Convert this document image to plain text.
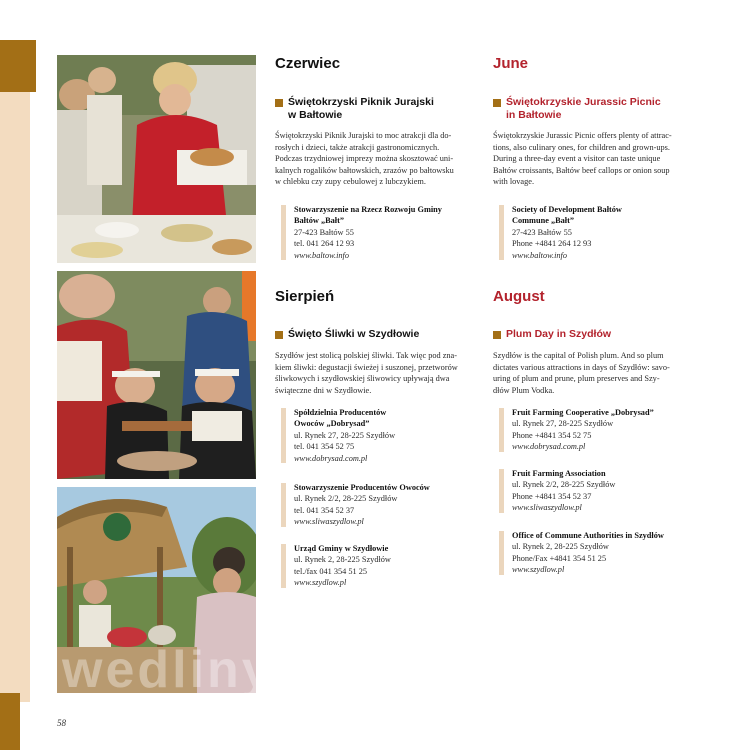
Czerwiec
Świętokrzyski Piknik Jurajski
w Bałtowie
Świętokrzyski Piknik Jurajski to moc atrakcji dla do-
rosłych i dzieci, także atrakcji gastronomicznych.
Podczas trzydniowej imprezy można skosztować uni-
kalnych rogalików bałtowskich, zrazów po bałtowsku
w chlebku czy zupy cebulowej z lubczykiem.
Stowarzyszenie na Rzecz Rozwoju Gminy
Bałtów „Bałt”
27-423 Bałtów 55
tel. 041 264 12 93
www.baltow.info
June
Świętokrzyskie Jurassic Picnic
in Bałtowie
Świętokrzyskie Jurassic Picnic offers plenty of attrac-
tions, also culinary ones, for children and grown-ups.
During a three-day event a visitor can taste unique
Bałtów croissants, Bałtów beef callops or onion soup
with lovage.
Society of Development Bałtów
Commune „Bałt”
27-423 Bałtów 55
Phone +4841 264 12 93
www.baltow.info
Sierpień
Święto Śliwki w Szydłowie
Szydłów jest stolicą polskiej śliwki. Tak więc pod zna-
kiem śliwki: degustacji świeżej i suszonej, przetworów
śliwkowych i szydłowskiej śliwowicy upływają dwa
świąteczne dni w Szydłowie.
Spółdzielnia Producentów
Owoców „Dobrysad”
ul. Rynek 27, 28-225 Szydłów
tel. 041 354 52 75
www.dobrysad.com.pl
Stowarzyszenie Producentów Owoców
ul. Rynek 2/2, 28-225 Szydłów
tel. 041 354 52 37
www.sliwaszydlow.pl
Urząd Gminy w Szydłowie
ul. Rynek 2, 28-225 Szydłów
tel./fax 041 354 51 25
www.szydlow.pl
August
Plum Day in Szydłów
Szydłów is the capital of Polish plum. And so plum
dictates various attractions in days of Szydłów: savo-
uring of plum and prune, plum preserves and Szy-
dłów Plum Vodka.
Fruit Farming Cooperative „Dobrysad”
ul. Rynek 27, 28-225 Szydłów
Phone +4841 354 52 75
www.dobrysad.com.pl
Fruit Farming Association
ul. Rynek 2/2, 28-225 Szydłów
Phone +4841 354 52 37
www.sliwaszydlow.pl
Office of Commune Authorities in Szydłów
ul. Rynek 2, 28-225 Szydłów
Phone/Fax +4841 354 51 25
www.szydlow.pl
wedlinydomowe.pl
58
